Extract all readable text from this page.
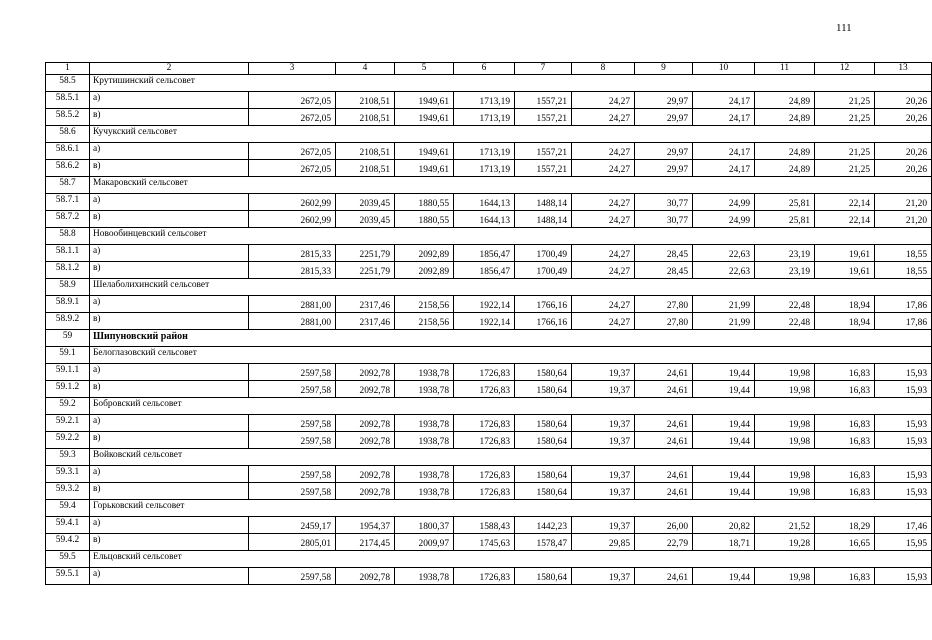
111
1	2	3	4	5	6	7	8	9	10	11	12	13
58.5	Крутишинский сельсовет											
58.5.1	а)	2672,05	2108,51	1949,61	1713,19	1557,21	24,27	29,97	24,17	24,89	21,25	20,26
58.5.2	в)	2672,05	2108,51	1949,61	1713,19	1557,21	24,27	29,97	24,17	24,89	21,25	20,26
58.6	Кучукский сельсовет											
58.6.1	а)	2672,05	2108,51	1949,61	1713,19	1557,21	24,27	29,97	24,17	24,89	21,25	20,26
58.6.2	в)	2672,05	2108,51	1949,61	1713,19	1557,21	24,27	29,97	24,17	24,89	21,25	20,26
58.7	Макаровский сельсовет											
58.7.1	а)	2602,99	2039,45	1880,55	1644,13	1488,14	24,27	30,77	24,99	25,81	22,14	21,20
58.7.2	в)	2602,99	2039,45	1880,55	1644,13	1488,14	24,27	30,77	24,99	25,81	22,14	21,20
58.8	Новообинцевский сельсовет											
58.1.1	а)	2815,33	2251,79	2092,89	1856,47	1700,49	24,27	28,45	22,63	23,19	19,61	18,55
58.1.2	в)	2815,33	2251,79	2092,89	1856,47	1700,49	24,27	28,45	22,63	23,19	19,61	18,55
58.9	Шелаболихинский сельсовет											
58.9.1	а)	2881,00	2317,46	2158,56	1922,14	1766,16	24,27	27,80	21,99	22,48	18,94	17,86
58.9.2	в)	2881,00	2317,46	2158,56	1922,14	1766,16	24,27	27,80	21,99	22,48	18,94	17,86
59	Шипуновский район											
59.1	Белоглазовский сельсовет											
59.1.1	а)	2597,58	2092,78	1938,78	1726,83	1580,64	19,37	24,61	19,44	19,98	16,83	15,93
59.1.2	в)	2597,58	2092,78	1938,78	1726,83	1580,64	19,37	24,61	19,44	19,98	16,83	15,93
59.2	Бобровский сельсовет											
59.2.1	а)	2597,58	2092,78	1938,78	1726,83	1580,64	19,37	24,61	19,44	19,98	16,83	15,93
59.2.2	в)	2597,58	2092,78	1938,78	1726,83	1580,64	19,37	24,61	19,44	19,98	16,83	15,93
59.3	Войковский сельсовет											
59.3.1	а)	2597,58	2092,78	1938,78	1726,83	1580,64	19,37	24,61	19,44	19,98	16,83	15,93
59.3.2	в)	2597,58	2092,78	1938,78	1726,83	1580,64	19,37	24,61	19,44	19,98	16,83	15,93
59.4	Горьковский сельсовет											
59.4.1	а)	2459,17	1954,37	1800,37	1588,43	1442,23	19,37	26,00	20,82	21,52	18,29	17,46
59.4.2	в)	2805,01	2174,45	2009,97	1745,63	1578,47	29,85	22,79	18,71	19,28	16,65	15,95
59.5	Ельцовский сельсовет											
59.5.1	а)	2597,58	2092,78	1938,78	1726,83	1580,64	19,37	24,61	19,44	19,98	16,83	15,93
